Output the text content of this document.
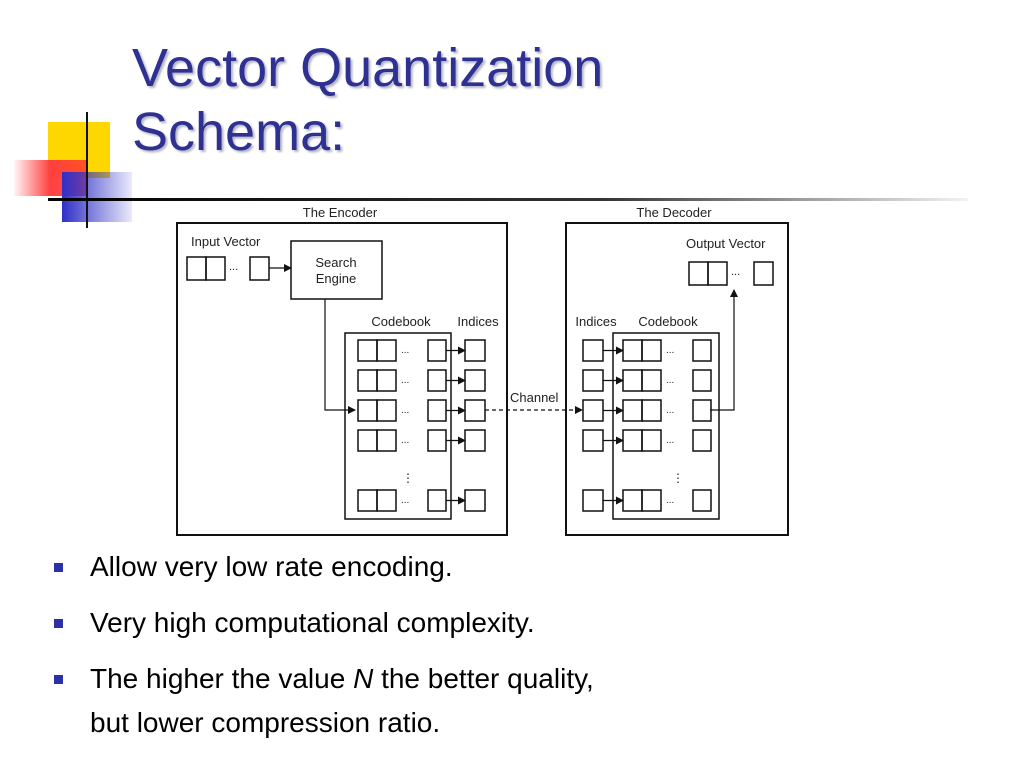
Vector Quantization
Schema:
The Encoder
Input Vector
...	Search
Engine
Codebook Indices
...
...
...
...
...
⋮
Channel
The Decoder
Output Vector
...
Indices Codebook
...
...
...
...
...
⋮
Allow very low rate encoding.
Very high computational complexity.
The higher the value N the better quality,
but lower compression ratio.
